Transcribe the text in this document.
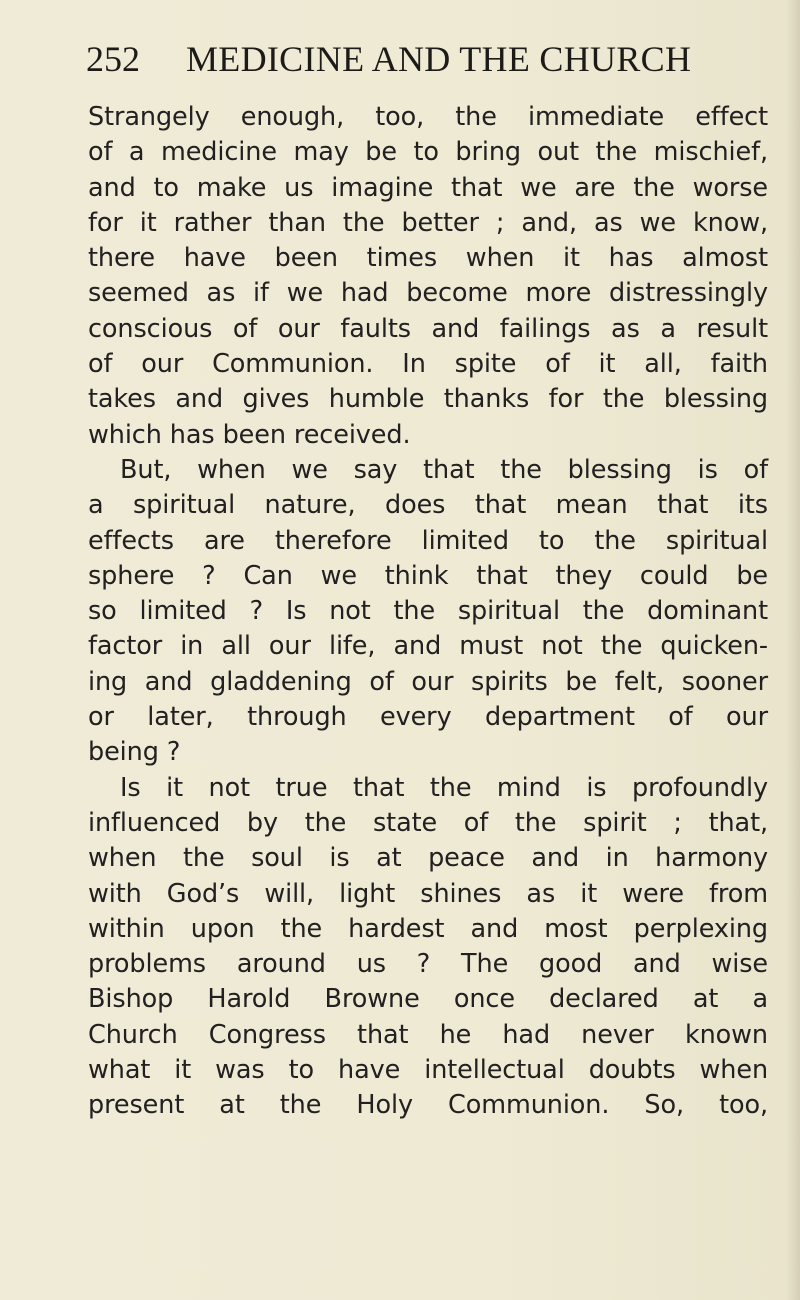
252 MEDICINE AND THE CHURCH
Strangely enough, too, the immediate effect
of a medicine may be to bring out the mischief,
and to make us imagine that we are the worse
for it rather than the better ; and, as we know,
there have been times when it has almost
seemed as if we had become more distressingly
conscious of our faults and failings as a result
of our Communion. In spite of it all, faith
takes and gives humble thanks for the blessing
which has been received.
But, when we say that the blessing is of
a spiritual nature, does that mean that its
effects are therefore limited to the spiritual
sphere ? Can we think that they could be
so limited ? Is not the spiritual the dominant
factor in all our life, and must not the quicken-
ing and gladdening of our spirits be felt, sooner
or later, through every department of our
being ?
Is it not true that the mind is profoundly
influenced by the state of the spirit ; that,
when the soul is at peace and in harmony
with God’s will, light shines as it were from
within upon the hardest and most perplexing
problems around us ? The good and wise
Bishop Harold Browne once declared at a
Church Congress that he had never known
what it was to have intellectual doubts when
present at the Holy Communion. So, too,
